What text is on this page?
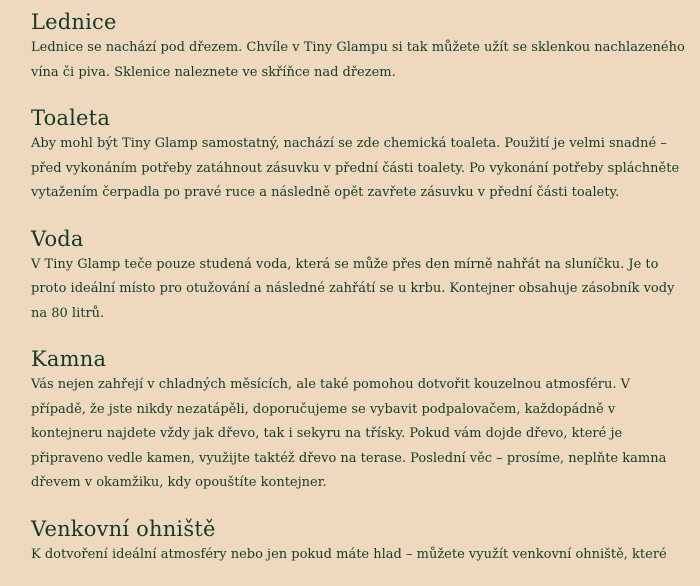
Lednice

Lednice se nachází pod dřezem. Chvíle v Tiny Glampu si tak můžete užít se sklenkou nachlazeného vína či piva. Sklenice naleznete ve skříňce nad dřezem.

Toaleta

Aby mohl být Tiny Glamp samostatný, nachází se zde chemická toaleta. Použití je velmi snadné – před vykonáním potřeby zatáhnout zásuvku v přední části toalety. Po vykonání potřeby spláchněte vytažením čerpadla po pravé ruce a následně opět zavřete zásuvku v přední části toalety.

Voda

V Tiny Glamp teče pouze studená voda, která se může přes den mírně nahřát na sluníčku. Je to proto ideální místo pro otužování a následné zahřátí se u krbu. Kontejner obsahuje zásobník vody na 80 litrů.

Kamna

Vás nejen zahřejí v chladných měsících, ale také pomohou dotvořit kouzelnou atmosféru. V případě, že jste nikdy nezatápěli, doporučujeme se vybavit podpalovačem, každopádně v kontejneru najdete vždy jak dřevo, tak i sekyru na třísky. Pokud vám dojde dřevo, které je připraveno vedle kamen, využijte taktéž dřevo na terase. Poslední věc – prosíme, neplňte kamna dřevem v okamžiku, kdy opouštíte kontejner.

Venkovní ohniště

K dotvoření ideální atmosféry nebo jen pokud máte hlad – můžete využít venkovní ohniště, které
